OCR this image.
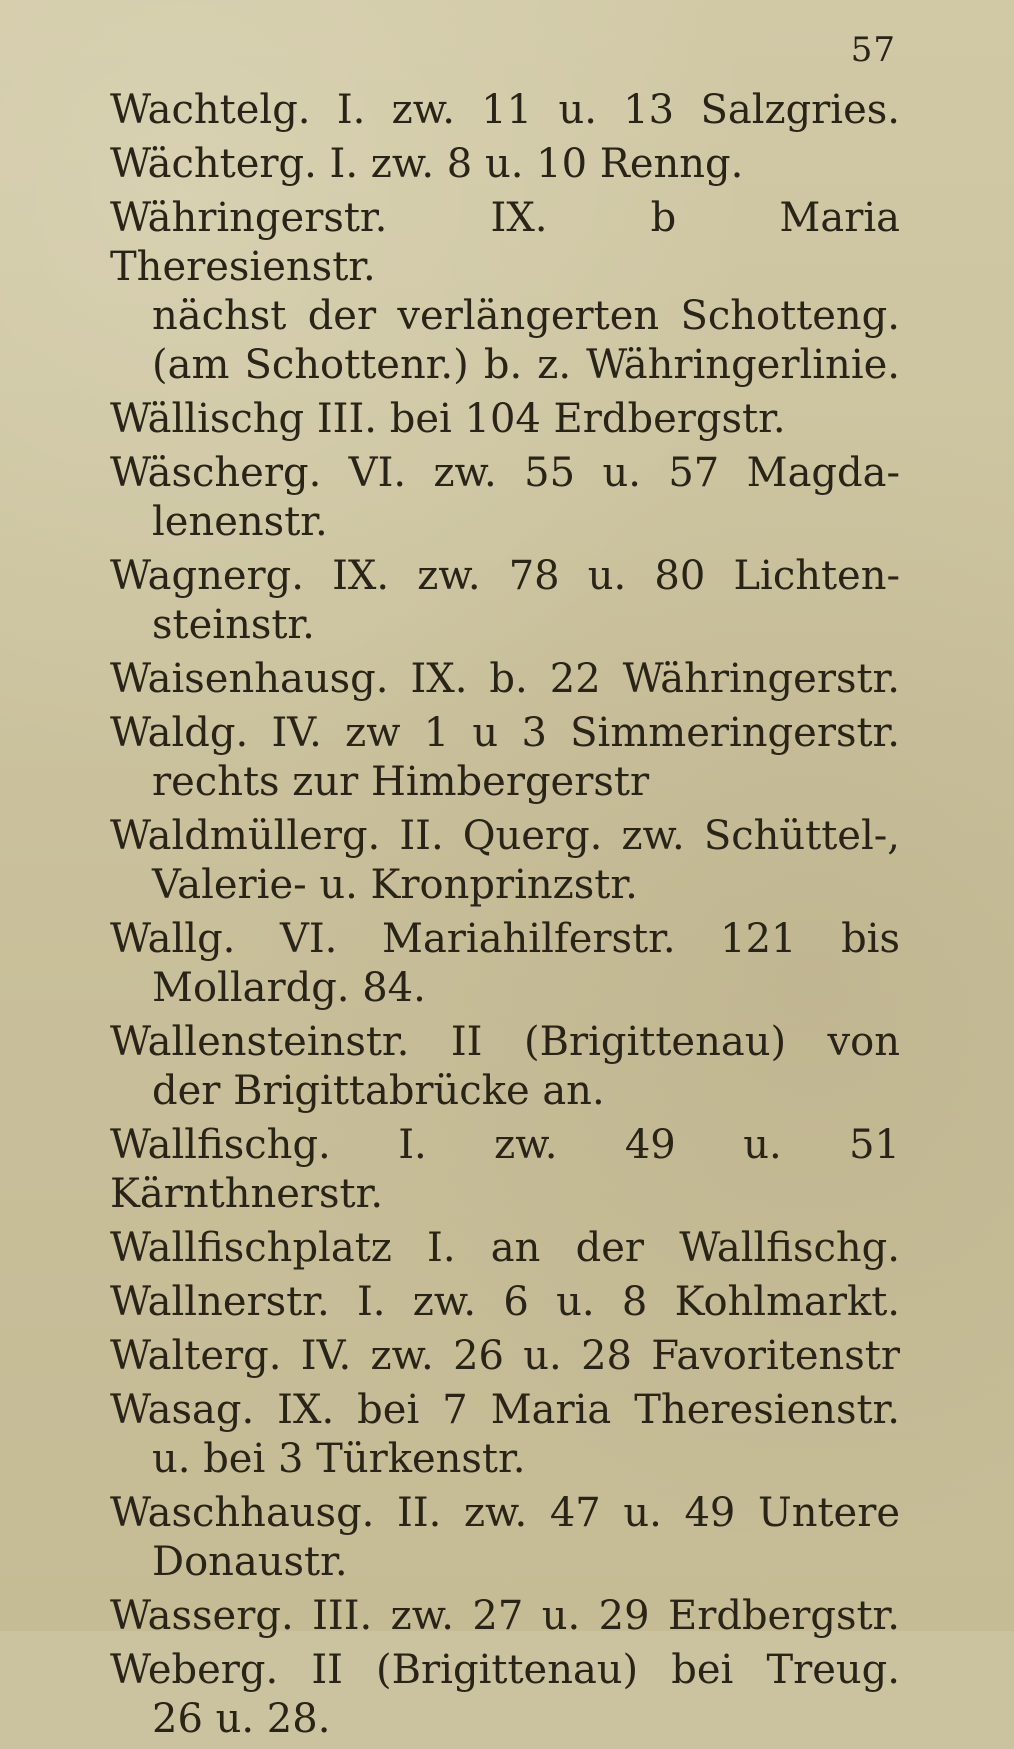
57
Wachtelg. I. zw. 11 u. 13 Salzgries.
Wächterg. I. zw. 8 u. 10 Renng.
Währingerstr. IX. b Maria Theresienstr.
nächst der verlängerten Schotteng.
(am Schottenr.) b. z. Währingerlinie.
Wällischg III. bei 104 Erdbergstr.
Wäscherg. VI. zw. 55 u. 57 Magda-
lenenstr.
Wagnerg. IX. zw. 78 u. 80 Lichten-
steinstr.
Waisenhausg. IX. b. 22 Währingerstr.
Waldg. IV. zw 1 u 3 Simmeringerstr.
rechts zur Himbergerstr
Waldmüllerg. II. Querg. zw. Schüttel-,
Valerie- u. Kronprinzstr.
Wallg. VI. Mariahilferstr. 121 bis
Mollardg. 84.
Wallensteinstr. II (Brigittenau) von
der Brigittabrücke an.
Wallfischg. I. zw. 49 u. 51 Kärnthnerstr.
Wallfischplatz I. an der Wallfischg.
Wallnerstr. I. zw. 6 u. 8 Kohlmarkt.
Walterg. IV. zw. 26 u. 28 Favoritenstr
Wasag. IX. bei 7 Maria Theresienstr.
u. bei 3 Türkenstr.
Waschhausg. II. zw. 47 u. 49 Untere
Donaustr.
Wasserg. III. zw. 27 u. 29 Erdbergstr.
Weberg. II (Brigittenau) bei Treug.
26 u. 28.
